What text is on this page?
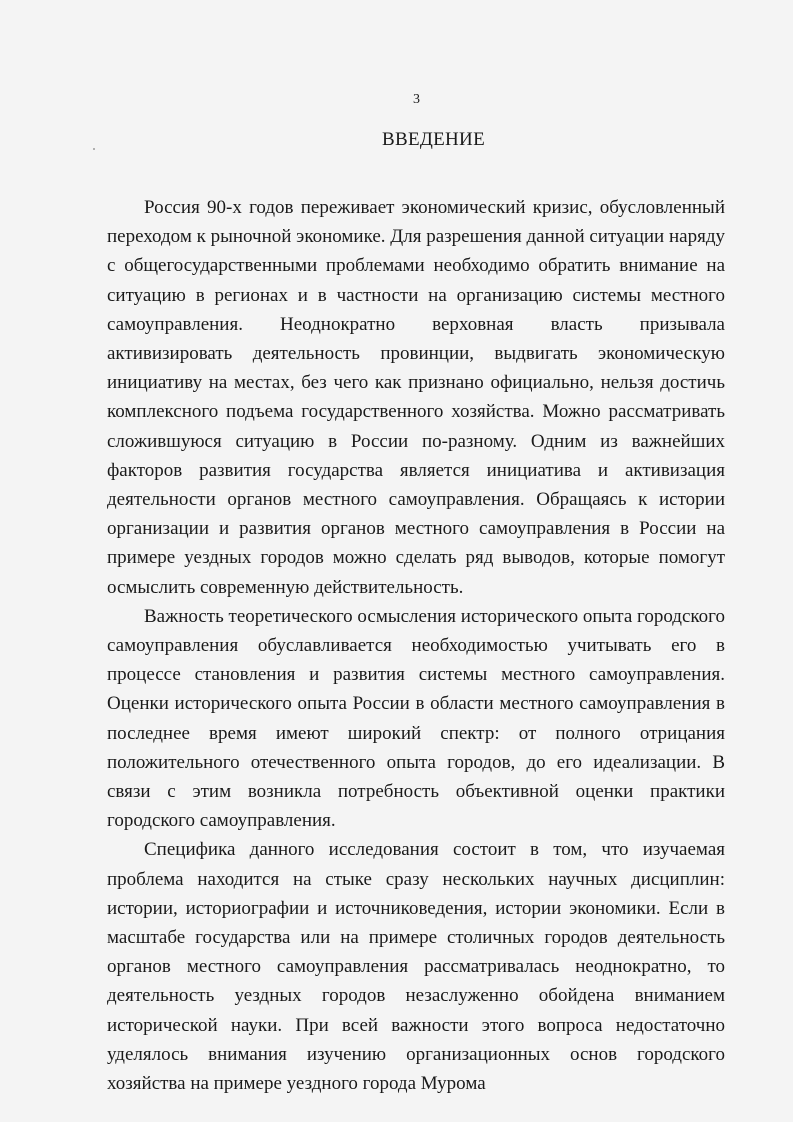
3
ВВЕДЕНИЕ

Россия 90-х годов переживает экономический кризис, обусловленный переходом к рыночной экономике. Для разрешения данной ситуации наряду с общегосударственными проблемами необходимо обратить внимание на ситуацию в регионах и в частности на организацию системы местного самоуправления. Неоднократно верховная власть призывала активизировать деятельность провинции, выдвигать экономическую инициативу на местах, без чего как признано официально, нельзя достичь комплексного подъема государственного хозяйства. Можно рассматривать сложившуюся ситуацию в России по-разному. Одним из важнейших факторов развития государства является инициатива и активизация деятельности органов местного самоуправления. Обращаясь к истории организации и развития органов местного самоуправления в России на примере уездных городов можно сделать ряд выводов, которые помогут осмыслить современную действительность.

Важность теоретического осмысления исторического опыта городского самоуправления обуславливается необходимостью учитывать его в процессе становления и развития системы местного самоуправления. Оценки исторического опыта России в области местного самоуправления в последнее время имеют широкий спектр: от полного отрицания положительного отечественного опыта городов, до его идеализации. В связи с этим возникла потребность объективной оценки практики городского самоуправления.

Специфика данного исследования состоит в том, что изучаемая проблема находится на стыке сразу нескольких научных дисциплин: истории, историографии и источниковедения, истории экономики. Если в масштабе государства или на примере столичных городов деятельность органов местного самоуправления рассматривалась неоднократно, то деятельность уездных городов незаслуженно обойдена вниманием исторической науки. При всей важности этого вопроса недостаточно уделялось внимания изучению организационных основ городского хозяйства на примере уездного города Мурома
